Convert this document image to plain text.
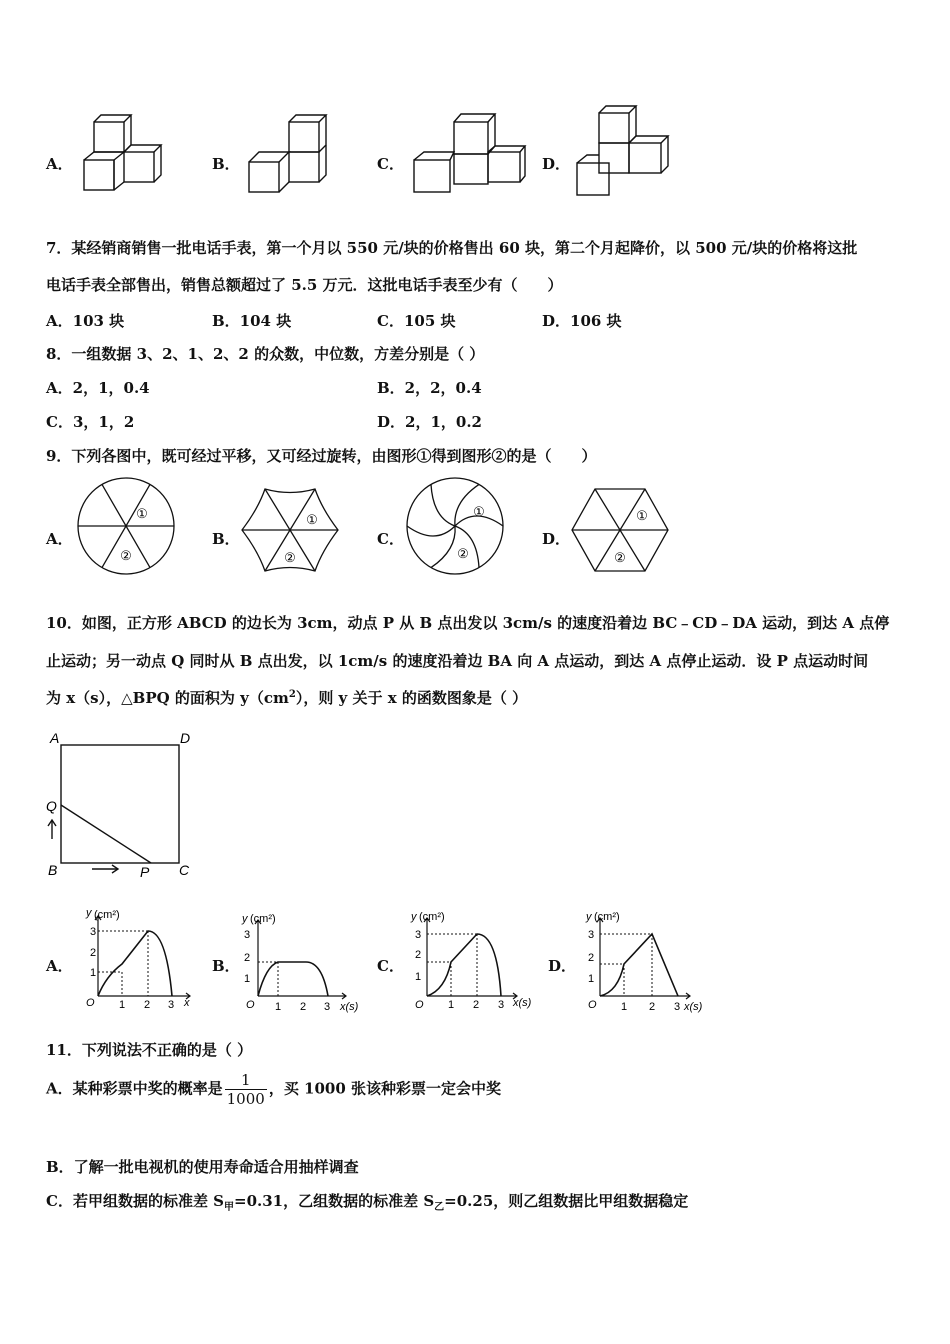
A．	B．	C．	D．
7．某经销商销售一批电话手表，第一个月以 550 元/块的价格售出 60 块，第二个月起降价，以 500 元/块的价格将这批
电话手表全部售出，销售总额超过了 5.5 万元．这批电话手表至少有（　　）
A．103 块	B．104 块	C．105 块	D．106 块
8．一组数据 3、2、1、2、2 的众数，中位数，方差分别是（ ）
A．2，1，0.4	B．2，2，0.4
C．3，1，2	D．2，1，0.2
9．下列各图中，既可经过平移，又可经过旋转，由图形①得到图形②的是（　　）
A．
①
②
B．
①
②
C．
①
②
D．
①
②
10．如图，正方形 ABCD 的边长为 3cm，动点 P 从 B 点出发以 3cm/s 的速度沿着边 BC﹣CD﹣DA 运动，到达 A 点停
止运动；另一动点 Q 同时从 B 点出发，以 1cm/s 的速度沿着边 BA 向 A 点运动，到达 A 点停止运动．设 P 点运动时间
为 x（s），△BPQ 的面积为 $y(cm^2)$，则 y 关于 x 的函数图象是（ ）
A	D
Q
B	P C
A．
y (cm²)
3
2
1
O 1 2 3 x
B．
y (cm²)
3
2
1
O 1 2 3 x(s)
C．
y (cm²)
3
2
1
O 1 2 3 x(s)
D．
y (cm²)
3
2
1
O 1 2 3 x(s)
11．下列说法不正确的是（ ）
A．某种彩票中奖的概率是 $\frac{1}{1000}$ ，买 1000 张该种彩票一定会中奖
B．了解一批电视机的使用寿命适合用抽样调查
C．若甲组数据的标准差 $S_甲=0.31$，乙组数据的标准差 $S_乙=0.25$，则乙组数据比甲组数据稳定
